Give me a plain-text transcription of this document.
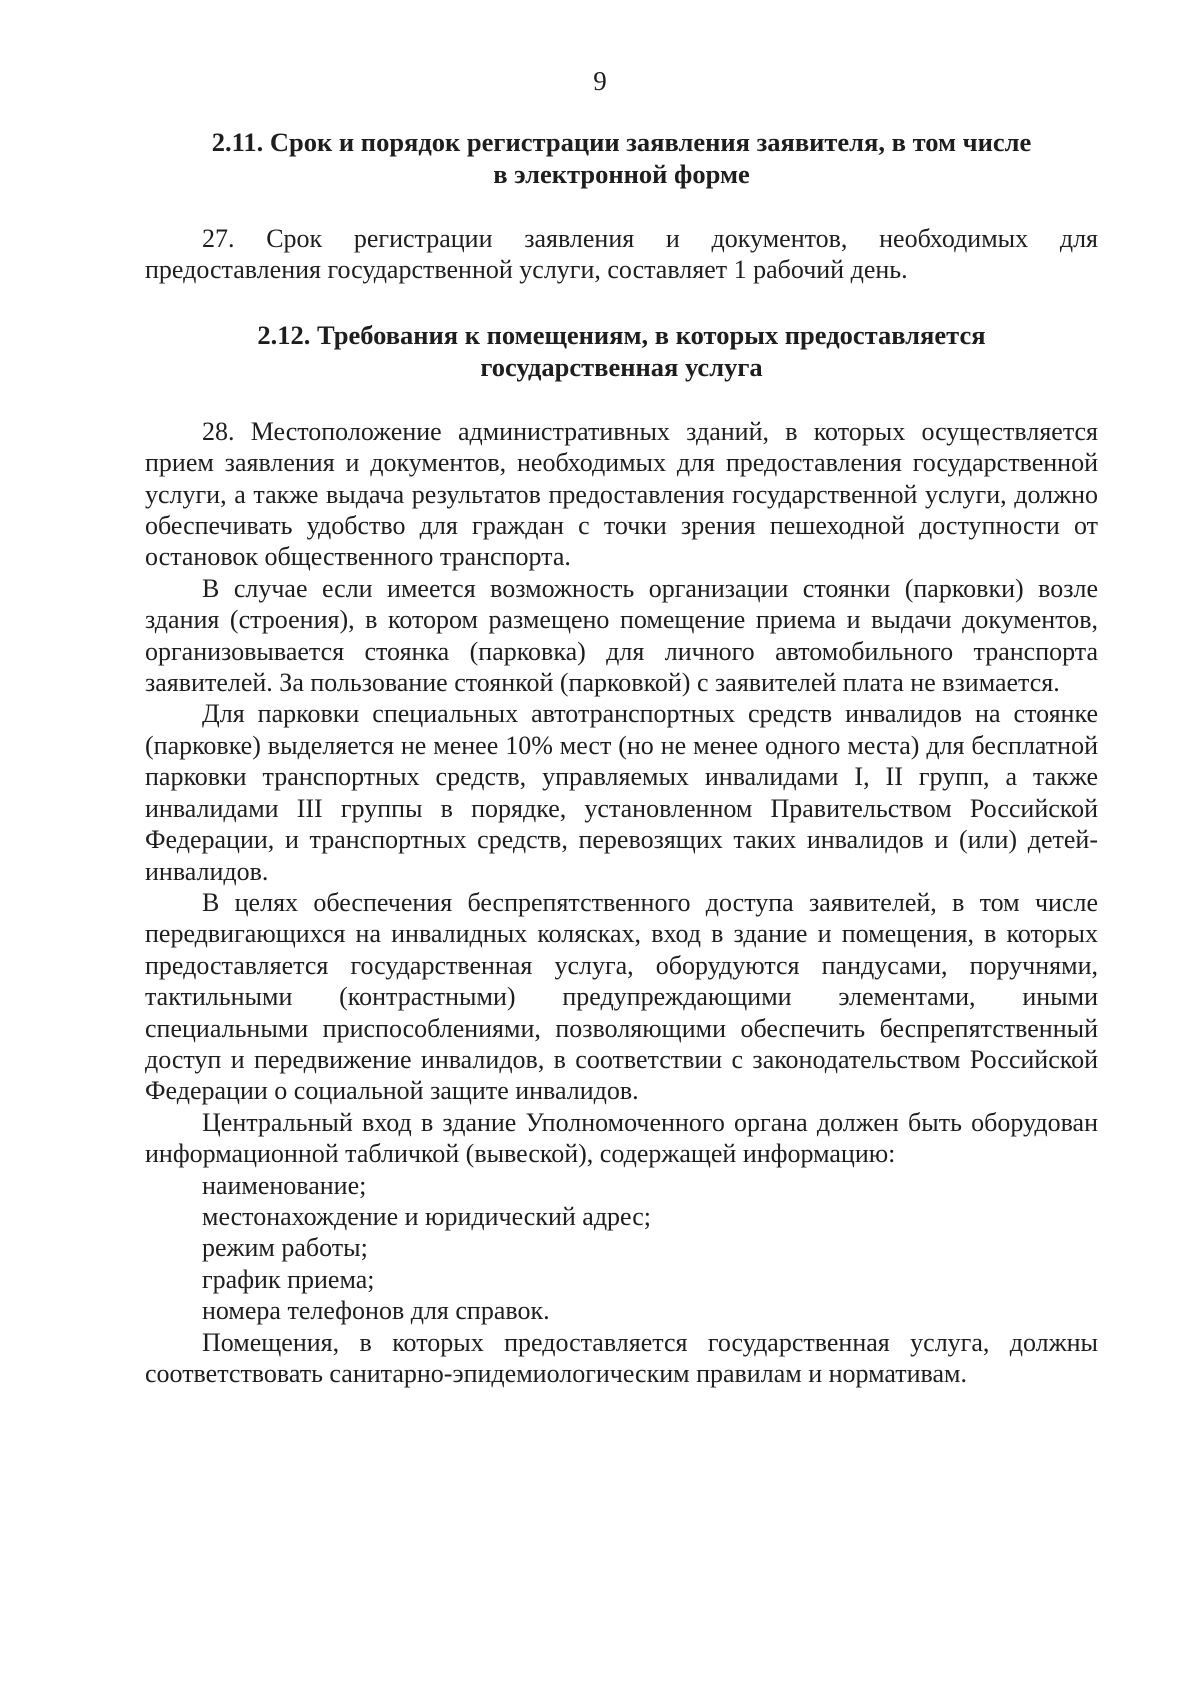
9
2.11. Срок и порядок регистрации заявления заявителя, в том числе
в электронной форме

27. Срок регистрации заявления и документов, необходимых для предоставления государственной услуги, составляет 1 рабочий день.

2.12. Требования к помещениям, в которых предоставляется
государственная услуга

28. Местоположение административных зданий, в которых осуществляется прием заявления и документов, необходимых для предоставления государственной услуги, а также выдача результатов предоставления государственной услуги, должно обеспечивать удобство для граждан с точки зрения пешеходной доступности от остановок общественного транспорта.

В случае если имеется возможность организации стоянки (парковки) возле здания (строения), в котором размещено помещение приема и выдачи документов, организовывается стоянка (парковка) для личного автомобильного транспорта заявителей. За пользование стоянкой (парковкой) с заявителей плата не взимается.

Для парковки специальных автотранспортных средств инвалидов на стоянке (парковке) выделяется не менее 10% мест (но не менее одного места) для бесплатной парковки транспортных средств, управляемых инвалидами I, II групп, а также инвалидами III группы в порядке, установленном Правительством Российской Федерации, и транспортных средств, перевозящих таких инвалидов и (или) детей-инвалидов.

В целях обеспечения беспрепятственного доступа заявителей, в том числе передвигающихся на инвалидных колясках, вход в здание и помещения, в которых предоставляется государственная услуга, оборудуются пандусами, поручнями, тактильными (контрастными) предупреждающими элементами, иными специальными приспособлениями, позволяющими обеспечить беспрепятственный доступ и передвижение инвалидов, в соответствии с законодательством Российской Федерации о социальной защите инвалидов.

Центральный вход в здание Уполномоченного органа должен быть оборудован информационной табличкой (вывеской), содержащей информацию:

наименование;

местонахождение и юридический адрес;

режим работы;

график приема;

номера телефонов для справок.

Помещения, в которых предоставляется государственная услуга, должны соответствовать санитарно-эпидемиологическим правилам и нормативам.
